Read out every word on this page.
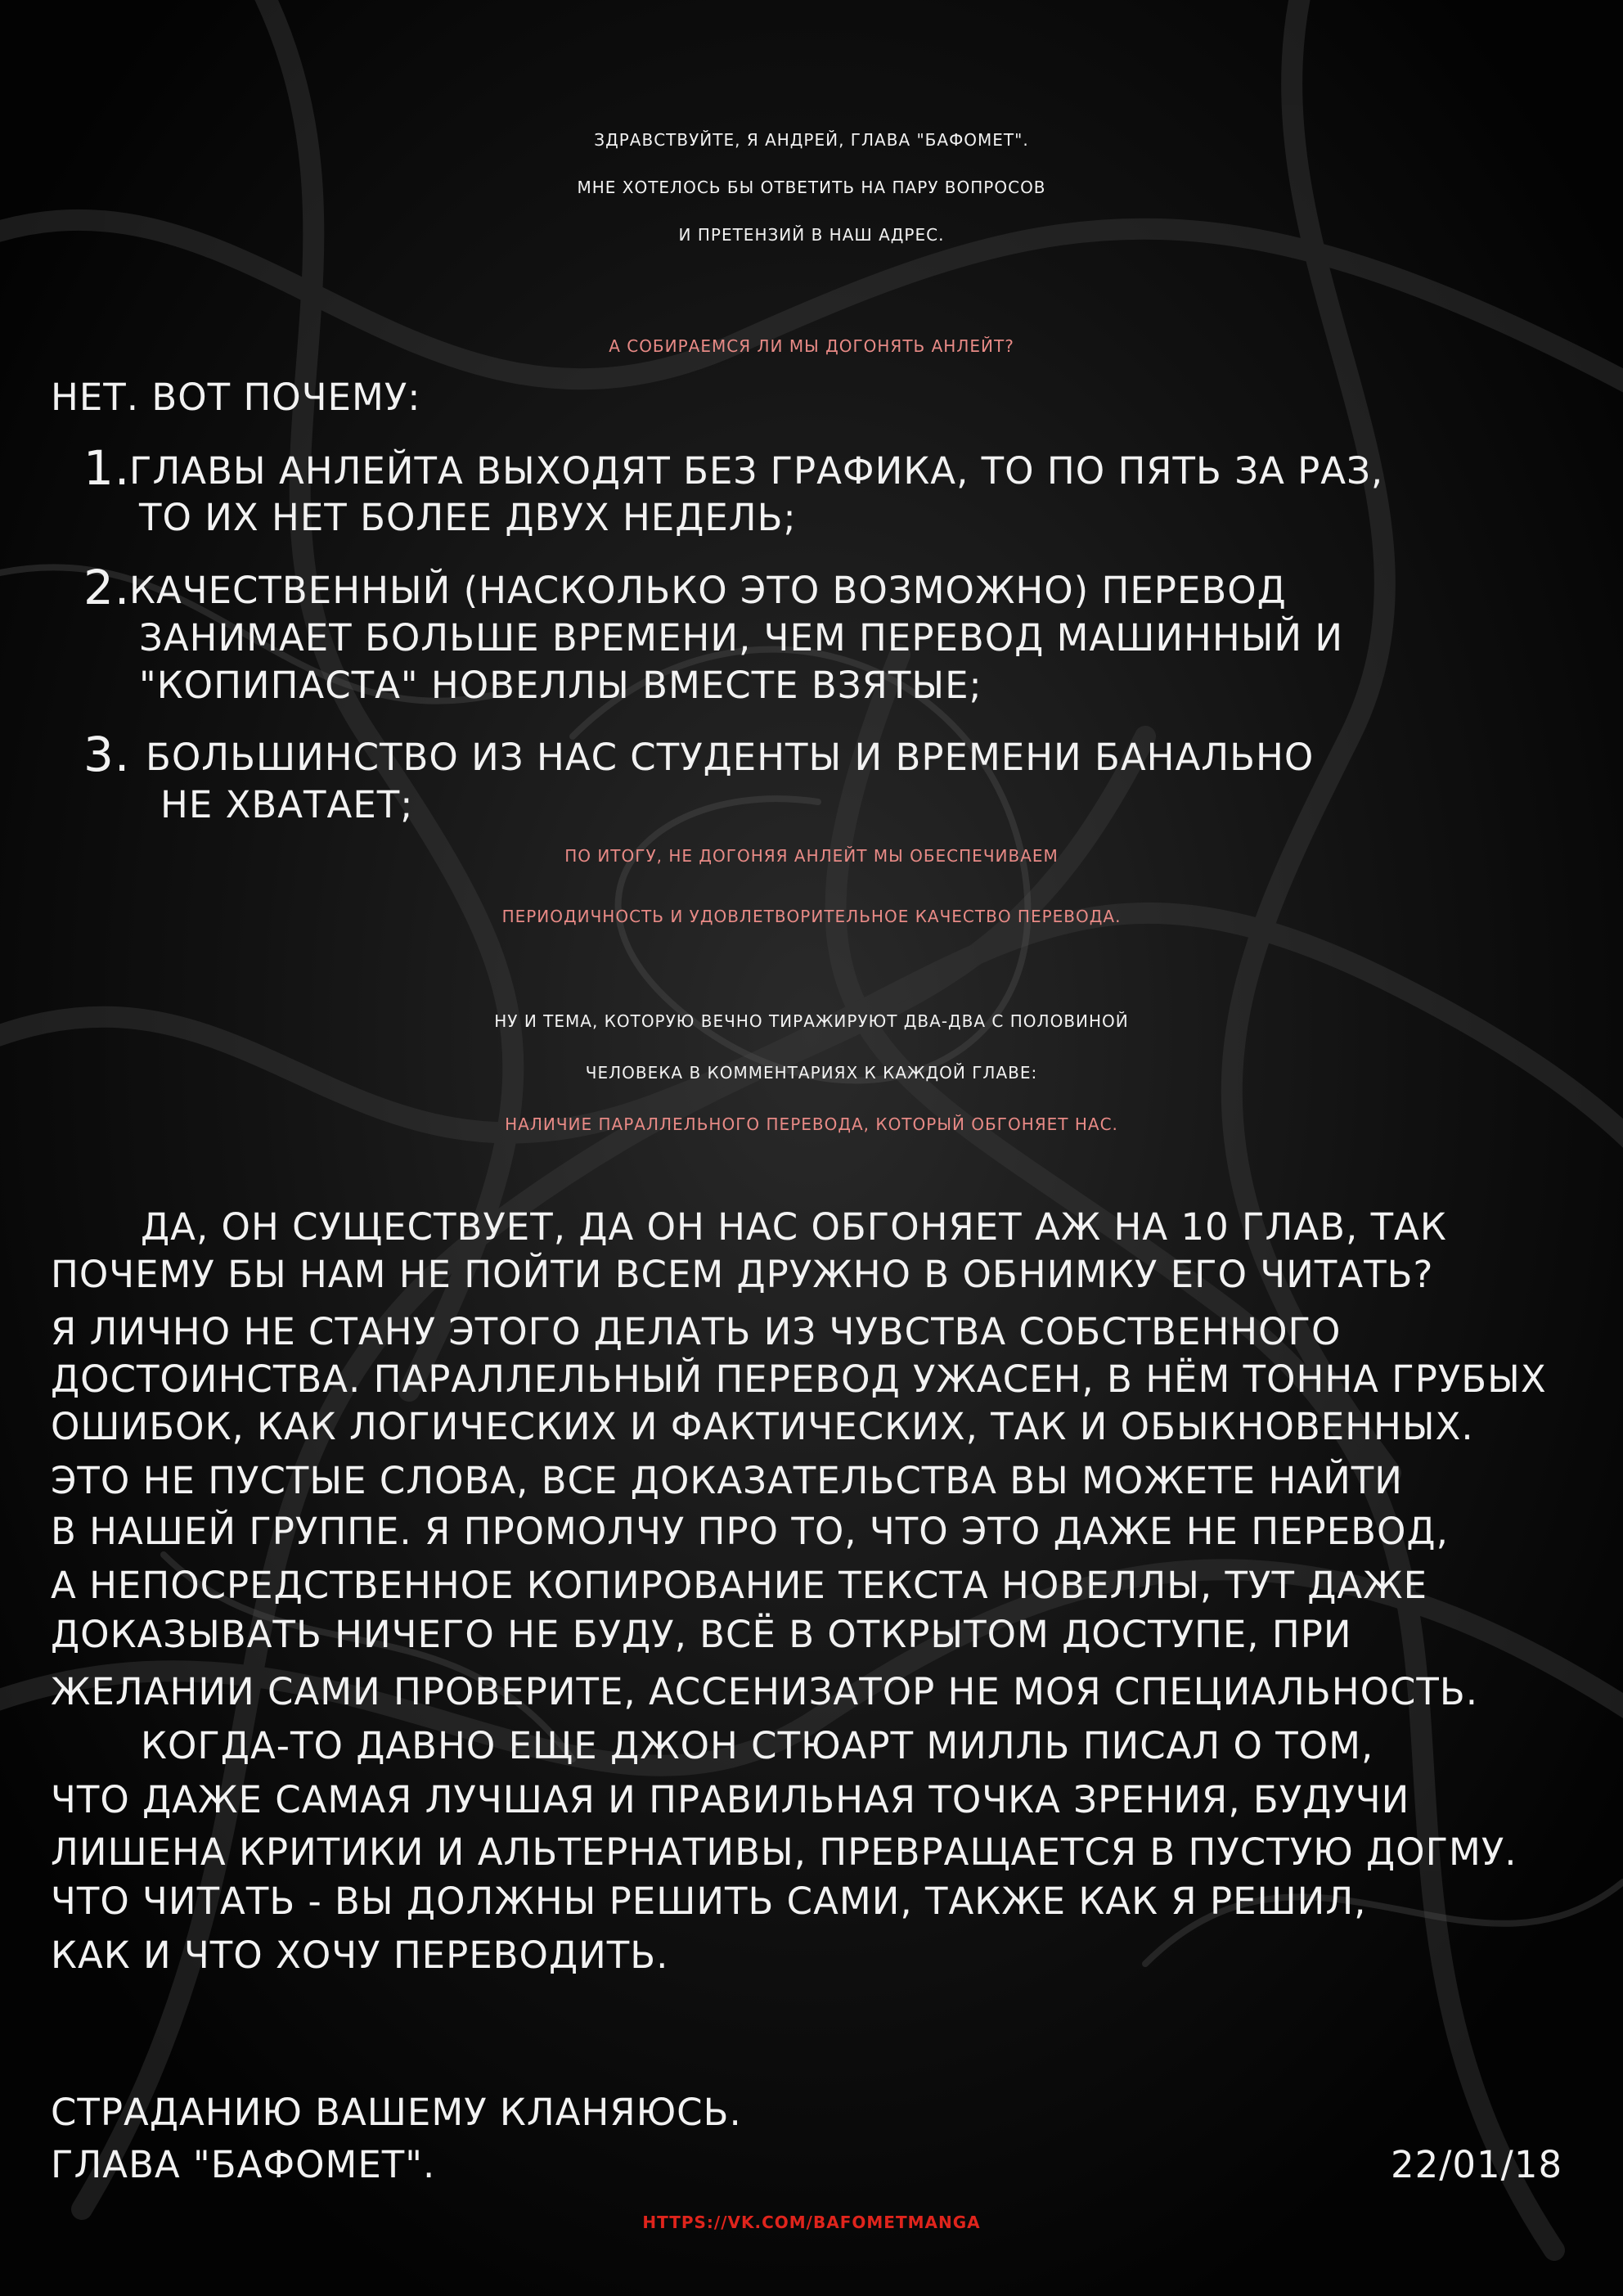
ЗДРАВСТВУЙТЕ, Я АНДРЕЙ, ГЛАВА "БАФОМЕТ".
МНЕ ХОТЕЛОСЬ БЫ ОТВЕТИТЬ НА ПАРУ ВОПРОСОВ
И ПРЕТЕНЗИЙ В НАШ АДРЕС.
А СОБИРАЕМСЯ ЛИ МЫ ДОГОНЯТЬ АНЛЕЙТ?
НЕТ. ВОТ ПОЧЕМУ:
1.
ГЛАВЫ АНЛЕЙТА ВЫХОДЯТ БЕЗ ГРАФИКА, ТО ПО ПЯТЬ ЗА РАЗ,
ТО ИХ НЕТ БОЛЕЕ ДВУХ НЕДЕЛЬ;
2.
КАЧЕСТВЕННЫЙ (НАСКОЛЬКО ЭТО ВОЗМОЖНО) ПЕРЕВОД
ЗАНИМАЕТ БОЛЬШЕ ВРЕМЕНИ, ЧЕМ ПЕРЕВОД МАШИННЫЙ И
"КОПИПАСТА" НОВЕЛЛЫ ВМЕСТЕ ВЗЯТЫЕ;
3. БОЛЬШИНСТВО ИЗ НАС СТУДЕНТЫ И ВРЕМЕНИ БАНАЛЬНО
НЕ ХВАТАЕТ;
ПО ИТОГУ, НЕ ДОГОНЯЯ АНЛЕЙТ МЫ ОБЕСПЕЧИВАЕМ
ПЕРИОДИЧНОСТЬ И УДОВЛЕТВОРИТЕЛЬНОЕ КАЧЕСТВО ПЕРЕВОДА.
НУ И ТЕМА, КОТОРУЮ ВЕЧНО ТИРАЖИРУЮТ ДВА-ДВА С ПОЛОВИНОЙ
ЧЕЛОВЕКА В КОММЕНТАРИЯХ К КАЖДОЙ ГЛАВЕ:
НАЛИЧИЕ ПАРАЛЛЕЛЬНОГО ПЕРЕВОДА, КОТОРЫЙ ОБГОНЯЕТ НАС.
ДА, ОН СУЩЕСТВУЕТ, ДА ОН НАС ОБГОНЯЕТ АЖ НА 10 ГЛАВ, ТАК
ПОЧЕМУ БЫ НАМ НЕ ПОЙТИ ВСЕМ ДРУЖНО В ОБНИМКУ ЕГО ЧИТАТЬ?
Я ЛИЧНО НЕ СТАНУ ЭТОГО ДЕЛАТЬ ИЗ ЧУВСТВА СОБСТВЕННОГО
ДОСТОИНСТВА. ПАРАЛЛЕЛЬНЫЙ ПЕРЕВОД УЖАСЕН, В НЁМ ТОННА ГРУБЫХ
ОШИБОК, КАК ЛОГИЧЕСКИХ И ФАКТИЧЕСКИХ, ТАК И ОБЫКНОВЕННЫХ.
ЭТО НЕ ПУСТЫЕ СЛОВА, ВСЕ ДОКАЗАТЕЛЬСТВА ВЫ МОЖЕТЕ НАЙТИ
В НАШЕЙ ГРУППЕ. Я ПРОМОЛЧУ ПРО ТО, ЧТО ЭТО ДАЖЕ НЕ ПЕРЕВОД,
А НЕПОСРЕДСТВЕННОЕ КОПИРОВАНИЕ ТЕКСТА НОВЕЛЛЫ, ТУТ ДАЖЕ
ДОКАЗЫВАТЬ НИЧЕГО НЕ БУДУ, ВСЁ В ОТКРЫТОМ ДОСТУПЕ, ПРИ
ЖЕЛАНИИ САМИ ПРОВЕРИТЕ, АССЕНИЗАТОР НЕ МОЯ СПЕЦИАЛЬНОСТЬ.
КОГДА-ТО ДАВНО ЕЩЕ ДЖОН СТЮАРТ МИЛЛЬ ПИСАЛ О ТОМ,
ЧТО ДАЖЕ САМАЯ ЛУЧШАЯ И ПРАВИЛЬНАЯ ТОЧКА ЗРЕНИЯ, БУДУЧИ
ЛИШЕНА КРИТИКИ И АЛЬТЕРНАТИВЫ, ПРЕВРАЩАЕТСЯ В ПУСТУЮ ДОГМУ.
ЧТО ЧИТАТЬ - ВЫ ДОЛЖНЫ РЕШИТЬ САМИ, ТАКЖЕ КАК Я РЕШИЛ,
КАК И ЧТО ХОЧУ ПЕРЕВОДИТЬ.
СТРАДАНИЮ ВАШЕМУ КЛАНЯЮСЬ.
ГЛАВА "БАФОМЕТ".	22/01/18
HTTPS://VK.COM/BAFOMETMANGA
